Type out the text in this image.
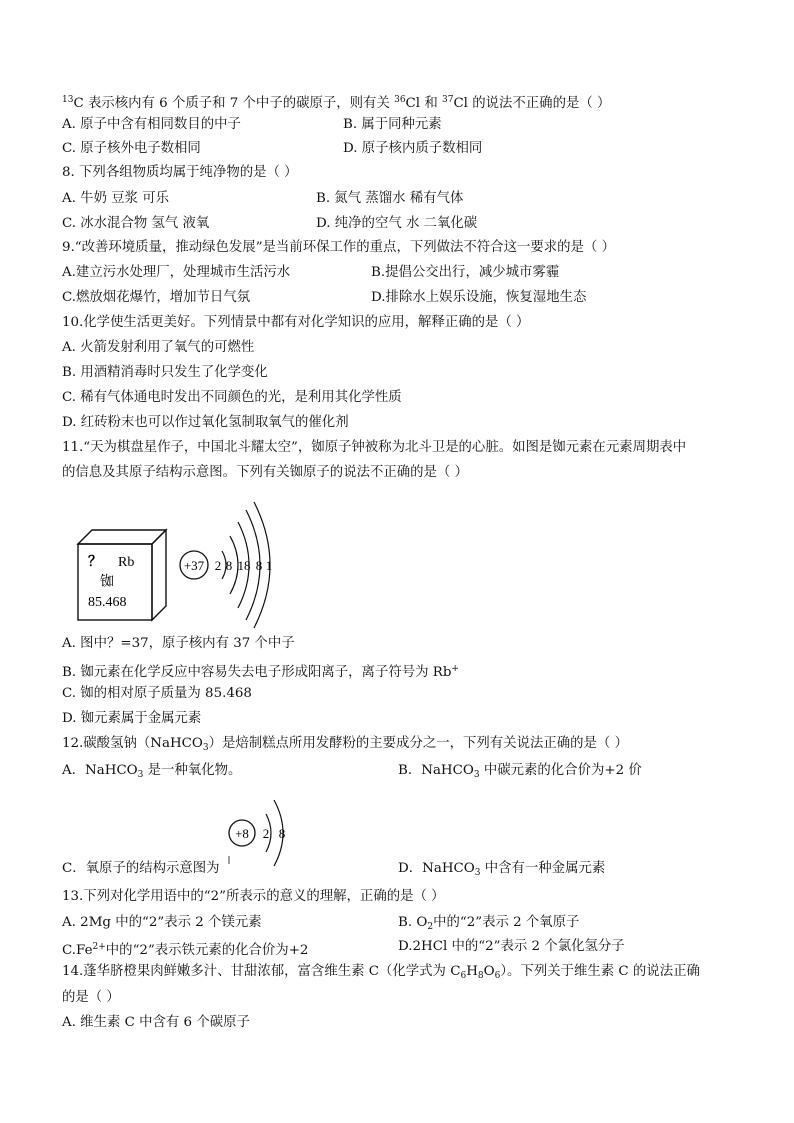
$^{13}$C 表示核内有 6 个质子和 7 个中子的碳原子，则有关 $^{36}$Cl 和 $^{37}$Cl 的说法不正确的是（ ）
A. 原子中含有相同数目的中子	B. 属于同种元素
C. 原子核外电子数相同	D. 原子核内质子数相同
8. 下列各组物质均属于纯净物的是（ ）
A. 牛奶 豆浆 可乐	B. 氮气 蒸馏水 稀有气体
C. 冰水混合物 氢气 液氧	D. 纯净的空气 水 二氧化碳
9.“改善环境质量，推动绿色发展”是当前环保工作的重点，下列做法不符合这一要求的是（ ）
A.建立污水处理厂，处理城市生活污水	B.提倡公交出行，减少城市雾霾
C.燃放烟花爆竹，增加节日气氛	D.排除水上娱乐设施，恢复湿地生态
10.化学使生活更美好。下列情景中都有对化学知识的应用，解释正确的是（ ）
A. 火箭发射利用了氧气的可燃性
B. 用酒精消毒时只发生了化学变化
C. 稀有气体通电时发出不同颜色的光，是利用其化学性质
D. 红砖粉末也可以作过氧化氢制取氧气的催化剂
11.“天为棋盘星作子，中国北斗耀太空”，铷原子钟被称为北斗卫是的心脏。如图是铷元素在元素周期表中
的信息及其原子结构示意图。下列有关铷原子的说法不正确的是（ ）
？ Rb
铷
85.468
+37 2 8 18 8 1
A. 图中？=37，原子核内有 37 个中子
B. 铷元素在化学反应中容易失去电子形成阳离子，离子符号为 Rb+
C. 铷的相对原子质量为 85.468
D. 铷元素属于金属元素
12.碳酸氢钠（NaHCO$_3$）是焙制糕点所用发酵粉的主要成分之一，下列有关说法正确的是（ ）
A．NaHCO$_3$ 是一种氧化物。	B．NaHCO$_3$ 中碳元素的化合价为+2 价
+8 2 8
C．氧原子的结构示意图为	D．NaHCO$_3$ 中含有一种金属元素
13.下列对化学用语中的“2”所表示的意义的理解，正确的是（ ）
A. 2Mg 中的“2”表示 2 个镁元素	B. $O_2$中的“2”表示 2 个氧原子
$C.Fe^{2+}$中的“2”表示铁元素的化合价为+2	D.2HCl 中的“2”表示 2 个氯化氢分子
14.蓬华脐橙果肉鲜嫩多汁、甘甜浓郁，富含维生素 C（化学式为 $C_6H_8O_6$）。下列关于维生素 C 的说法正确
的是（ ）
A. 维生素 C 中含有 6 个碳原子
